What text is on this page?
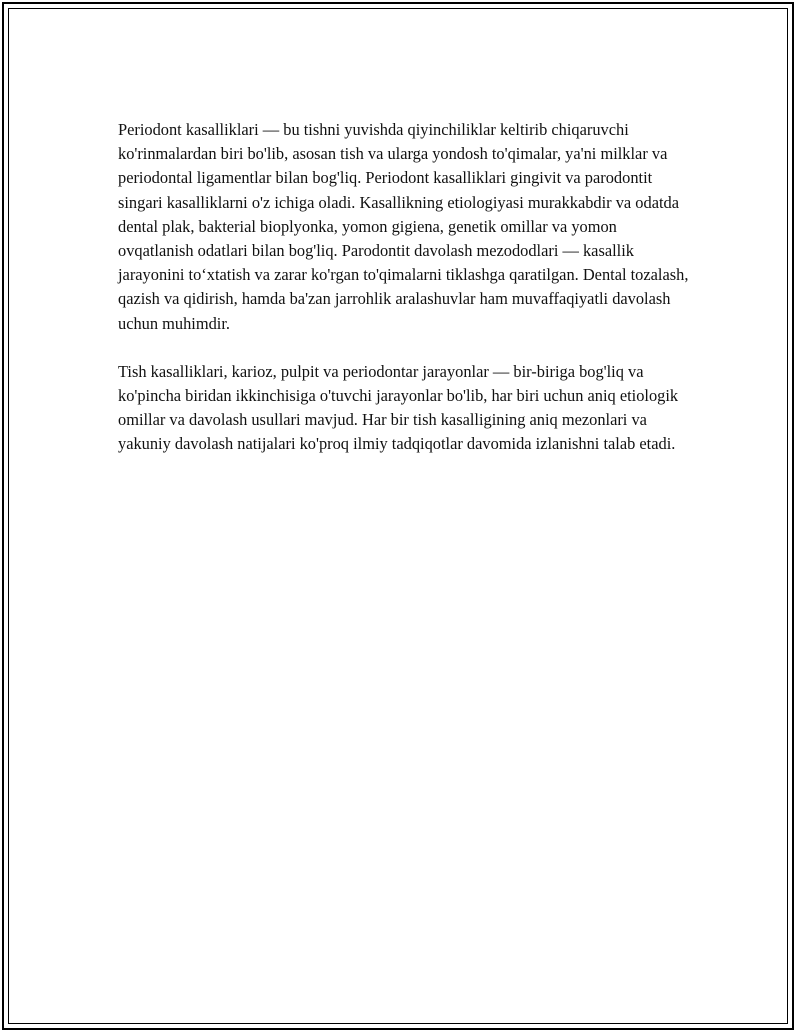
Periodont kasalliklari — bu tishni yuvishda qiyinchiliklar keltirib chiqaruvchi ko'rinmalardan biri bo'lib, asosan tish va ularga yondosh to'qimalar, ya'ni milklar va periodontal ligamentlar bilan bog'liq. Periodont kasalliklari gingivit va parodontit singari kasalliklarni o'z ichiga oladi. Kasallikning etiologiyasi murakkabdir va odatda dental plak, bakterial bioplyonka, yomon gigiena, genetik omillar va yomon ovqatlanish odatlari bilan bog'liq. Parodontit davolash mezododlari — kasallik jarayonini to‘xtatish va zarar ko'rgan to'qimalarni tiklashga qaratilgan. Dental tozalash, qazish va qidirish, hamda ba'zan jarrohlik aralashuvlar ham muvaffaqiyatli davolash uchun muhimdir.

Tish kasalliklari, karioz, pulpit va periodontar jarayonlar — bir-biriga bog'liq va ko'pincha biridan ikkinchisiga o'tuvchi jarayonlar bo'lib, har biri uchun aniq etiologik omillar va davolash usullari mavjud. Har bir tish kasalligining aniq mezonlari va yakuniy davolash natijalari ko'proq ilmiy tadqiqotlar davomida izlanishni talab etadi.
